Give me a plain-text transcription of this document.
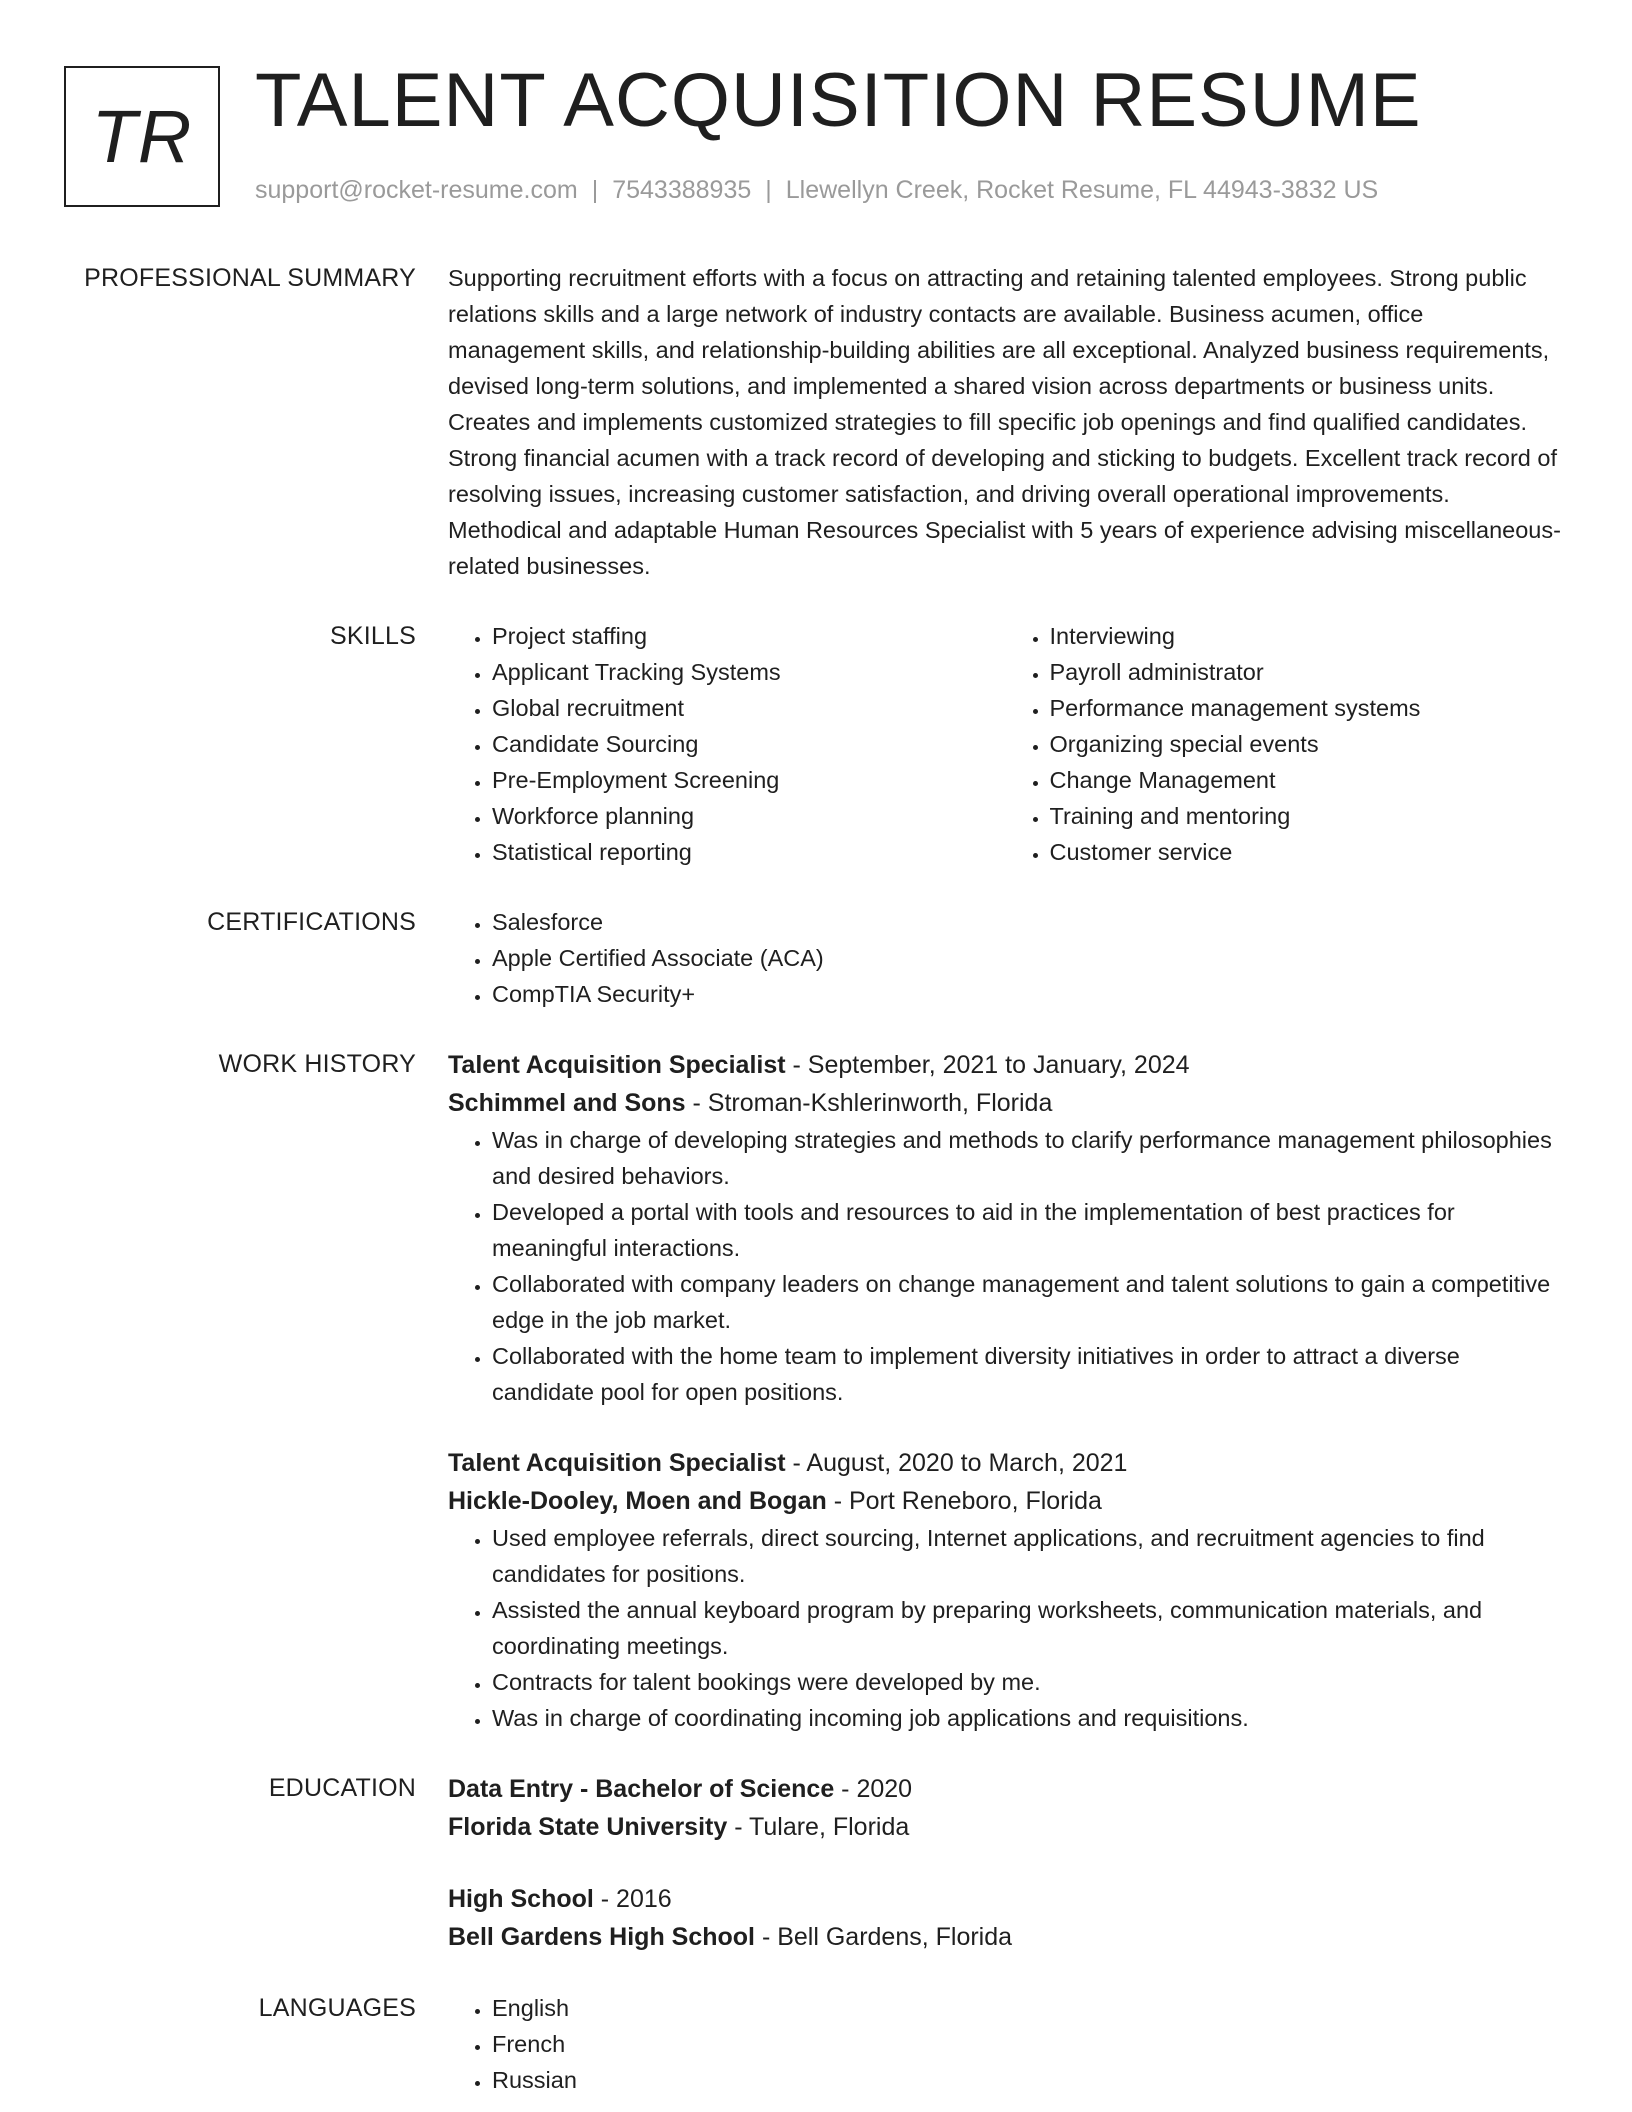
TR TALENT ACQUISITION RESUME
support@rocket-resume.com | 7543388935 | Llewellyn Creek, Rocket Resume, FL 44943-3832 US
PROFESSIONAL SUMMARY Supporting recruitment efforts with a focus on attracting and retaining talented employees. Strong public relations skills and a large network of industry contacts are available. Business acumen, office management skills, and relationship-building abilities are all exceptional. Analyzed business requirements, devised long-term solutions, and implemented a shared vision across departments or business units. Creates and implements customized strategies to fill specific job openings and find qualified candidates. Strong financial acumen with a track record of developing and sticking to budgets. Excellent track record of resolving issues, increasing customer satisfaction, and driving overall operational improvements. Methodical and adaptable Human Resources Specialist with 5 years of experience advising miscellaneous-related businesses.

SKILLS	• Project staffing
• Applicant Tracking Systems
• Global recruitment
• Candidate Sourcing
• Pre-Employment Screening
• Workforce planning
• Statistical reporting
• Interviewing
• Payroll administrator
• Performance management systems
• Organizing special events
• Change Management
• Training and mentoring
• Customer service
CERTIFICATIONS	• Salesforce
• Apple Certified Associate (ACA)
• CompTIA Security+
WORK HISTORY Talent Acquisition Specialist - September, 2021 to January, 2024
Schimmel and Sons - Stroman-Kshlerinworth, Florida
• Was in charge of developing strategies and methods to clarify performance management philosophies and desired behaviors.
• Developed a portal with tools and resources to aid in the implementation of best practices for meaningful interactions.
• Collaborated with company leaders on change management and talent solutions to gain a competitive edge in the job market.
• Collaborated with the home team to implement diversity initiatives in order to attract a diverse candidate pool for open positions.
Talent Acquisition Specialist - August, 2020 to March, 2021
Hickle-Dooley, Moen and Bogan - Port Reneboro, Florida
• Used employee referrals, direct sourcing, Internet applications, and recruitment agencies to find candidates for positions.
• Assisted the annual keyboard program by preparing worksheets, communication materials, and coordinating meetings.
• Contracts for talent bookings were developed by me.
• Was in charge of coordinating incoming job applications and requisitions.
EDUCATION Data Entry - Bachelor of Science - 2020
Florida State University - Tulare, Florida
High School - 2016
Bell Gardens High School - Bell Gardens, Florida
LANGUAGES	• English
• French
• Russian
